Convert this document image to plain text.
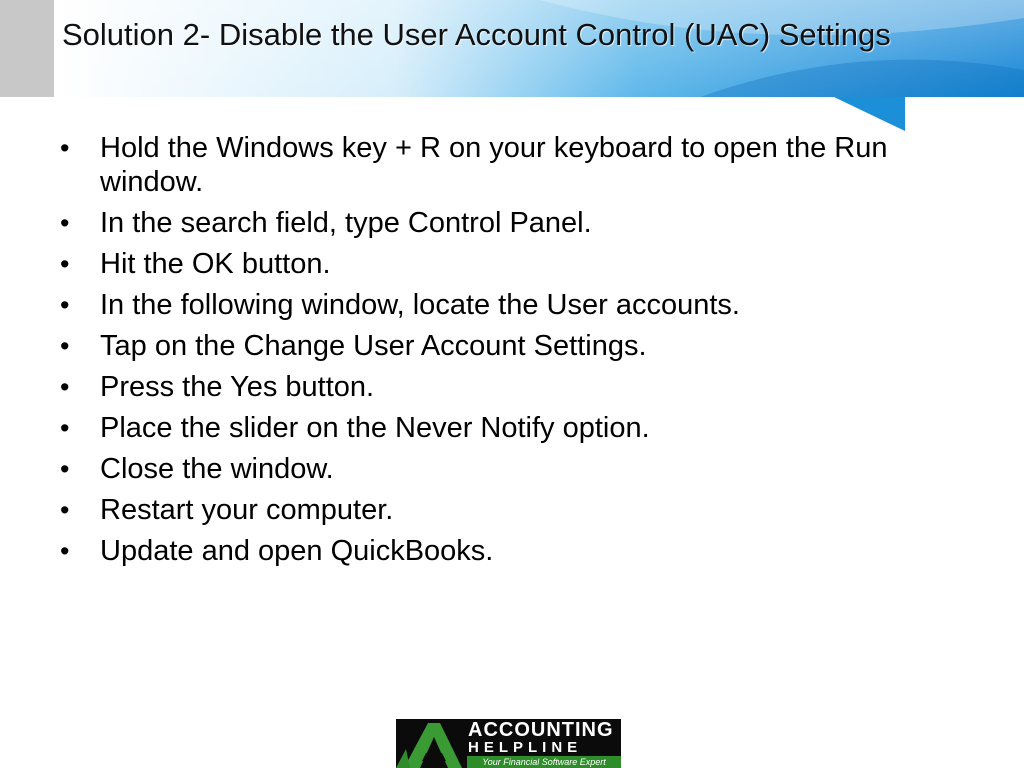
Solution 2- Disable the User Account Control (UAC) Settings
• Hold the Windows key + R on your keyboard to open the Run window.
• In the search field, type Control Panel.
• Hit the OK button.
• In the following window, locate the User accounts.
• Tap on the Change User Account Settings.
• Press the Yes button.
• Place the slider on the Never Notify option.
• Close the window.
• Restart your computer.
• Update and open QuickBooks.
ACCOUNTING
HELPLINE
Your Financial Software Expert
